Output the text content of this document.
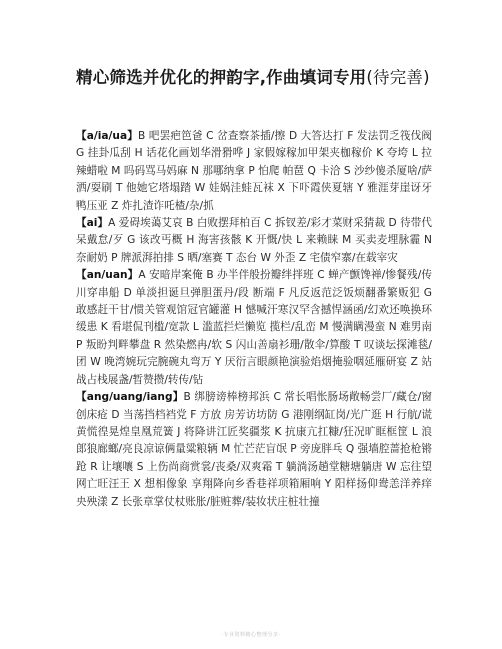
精心筛选并优化的押韵字,作曲填词专用(待完善)

【a/ia/ua】B 吧罢疤笆爸 C 岔查察茶插/擦 D 大答达打 F 发法罚乏筏伐阀 G 挂卦瓜刮 H 话花化画划华滑猾哗 J 家假嫁稼加甲架夹枷稼价 K 夸垮 L 拉辣蜡啦 M 吗码骂马妈麻 N 那哪纳拿 P 怕爬 帕琶 Q 卡洽 S 沙纱傻杀厦啥/萨洒/耍刷 T 他她它塔塌踏 W 娃娲洼蛙瓦袜 X 下吓霞侠夏辖 Y 雅涯芽崖讶牙鸭压亚 Z 炸扎渣诈吒楂/杂/抓

【ai】A 爱碍埃蔼艾哀 B 白败摆拜柏百 C 拆钗差/彩才菜财采猜裁 D 待带代呆戴怠/歹 G 该改丐概 H 海害孩骸 K 开慨/快 L 来赖睐 M 买卖麦埋脉霾 N 奈耐奶 P 牌派湃拍排 S 晒/塞赛 T 态台 W 外歪 Z 宅债窄寨/在载宰灾

【an/uan】A 安暗岸案俺 B 办半伴般扮瓣绊拌班 C 蝉产颤馋禅/惨餐残/传川穿串船 D 单淡担诞旦弹胆蛋丹/段 断端 F 凡反返范泛饭烦翻番繁贩犯 G 敢感赶干甘/惯关管观馆冠官罐灌 H 憾喊汗寒汉罕含撼悍涵函/幻欢还唤换环缓患 K 看堪侃刊槛/宽款 L 滥蓝拦烂懒览 揽栏/乱峦 M 慢满瞒漫蛮 N 难男南 P 叛盼判畔攀盘 R 然染燃冉/软 S 闪山善扇衫珊/散伞/算酸 T 叹谈坛探滩毯/团 W 晚湾婉玩完腕碗丸弯万 Y 厌衍言眼颜艳演验焰烟掩验咽延雁研宴 Z 站战占栈展盏/暂赞攒/转传/钻

【ang/uang/iang】B 绑膀谤棒榜邦浜 C 常长唱怅肠场敞畅尝厂/藏仓/窗创床疮 D 当荡挡档裆党 F 方放 房芳访坊防 G 港刚纲缸岗/光广逛 H 行航/谎黄慌徨晃煌皇凰荒簧 J 将降讲江匠奖疆浆 K 抗康亢扛糠/狂况旷眶框筐 L 浪郎狼廊螂/亮良凉谅俩量粱粮辆 M 忙芒茫盲氓 P 旁庞胖乓 Q 强墙腔蔷抢枪锵跄 R 让壤嚷 S 上伤尚商赏裳/丧桑/双爽霜 T 躺淌汤趟堂糖塘躺唐 W 忘往望网亡旺汪王 X 想相像象 享翔降向乡香巷祥项箱厢响 Y 阳样扬仰鸯恙洋养痒央殃漾 Z 长张章掌仗杖账胀/脏赃葬/装妆状庄桩壮撞

·专业资料精心整理分享·
